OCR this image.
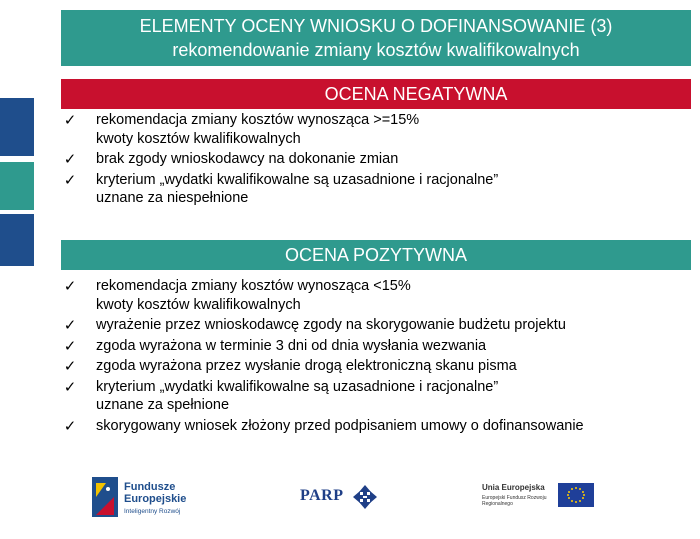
ELEMENTY OCENY WNIOSKU O DOFINANSOWANIE (3)
rekomendowanie zmiany kosztów kwalifikowalnych
OCENA NEGATYWNA
✓ rekomendacja zmiany kosztów wynosząca >=15%
kwoty kosztów kwalifikowalnych
✓ brak zgody wnioskodawcy na dokonanie zmian
✓ kryterium „wydatki kwalifikowalne są uzasadnione i racjonalne”
uznane za niespełnione
OCENA POZYTYWNA
✓ rekomendacja zmiany kosztów wynosząca <15%
kwoty kosztów kwalifikowalnych
✓ wyrażenie przez wnioskodawcę zgody na skorygowanie budżetu projektu
✓ zgoda wyrażona w terminie 3 dni od dnia wysłania wezwania
✓ zgoda wyrażona przez wysłanie drogą elektroniczną skanu pisma
✓ kryterium „wydatki kwalifikowalne są uzasadnione i racjonalne”
uznane za spełnione
✓ skorygowany wniosek złożony przed podpisaniem umowy o dofinansowanie
Fundusze
Europejskie
Inteligentny Rozwój
PARP	Unia Europejska
Europejski Fundusz Rozwoju Regionalnego
